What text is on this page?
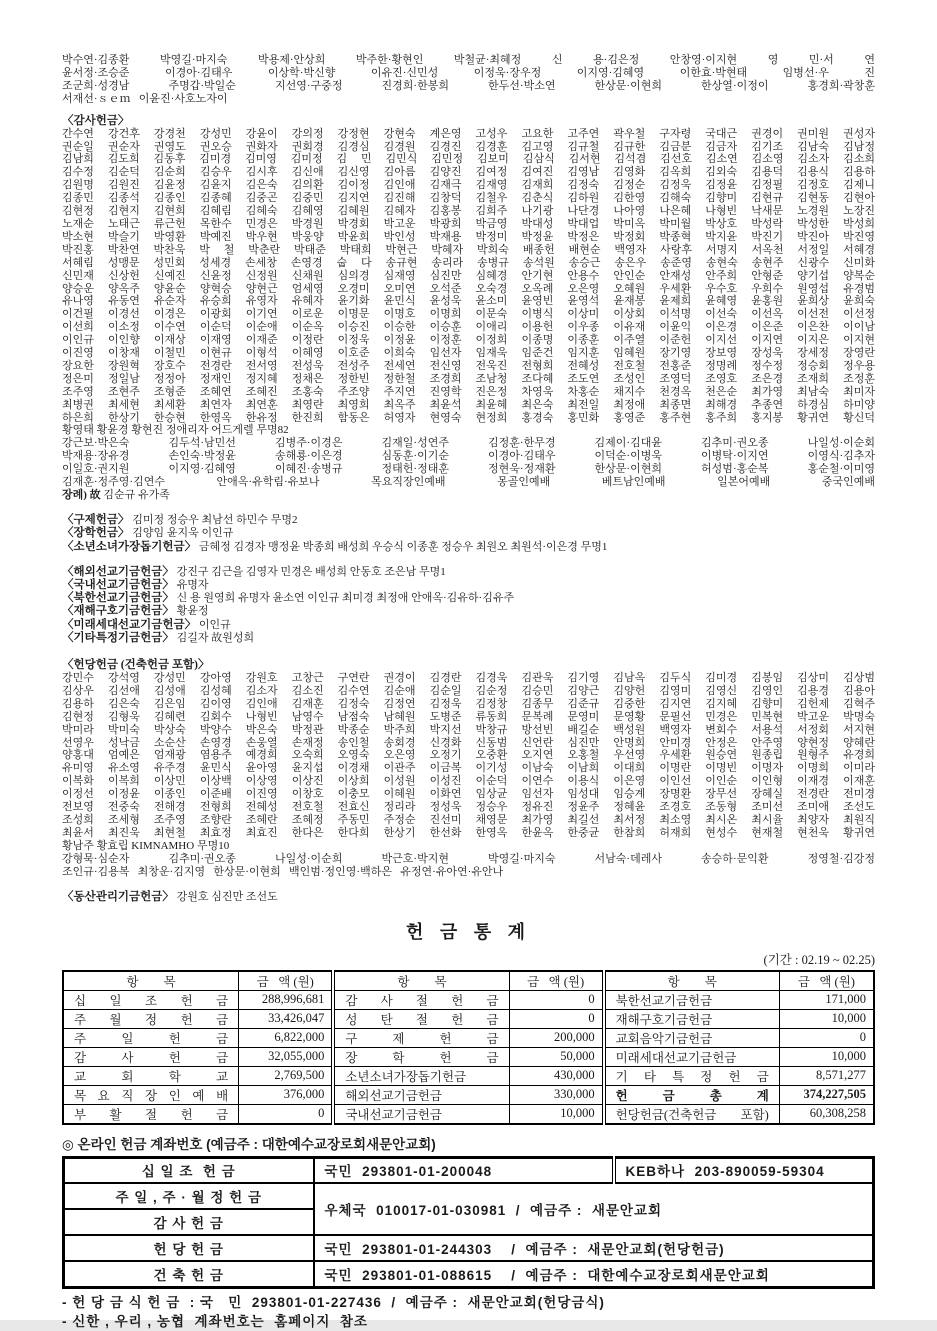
박수연·김종환 박영길·마지숙 박용제·안상희 박주한·황현인 박철균·최혜정 신 용·김은정 안창영·이지현 영 민·서 연
윤서정·조승준 이경아·김태우 이상학·박신향 이유진·신민성 이정욱·장우정 이지영·김혜영 이한효·박현태 임병선·우 진
조군희·성경남 주명갑·박일순 지선영·구중정 진경희·한봉희 한두선·박소연 한상문·이현희 한상열·이정이 홍경희·곽창훈
서재선·ｓｅｍ   이윤진·사호노자이
〈감사헌금〉
간수연 강건후 강경천 강성민 강윤이 강의정 강정현 강현숙 계은영 고성우 고요한 고주연 곽우철 구자령 국대근 권경이 권미원 권성자
권순일 권순자 권영도 권오승 권화자 권회경 김경심 김경원 김경진 김경훈 김고영 김규철 김규한 김금분 김금자 김기조 김남숙 김남정
김남희 김도희 김동후 김미경 김미영 김미정 김 민 김민식 김민정 김보미 김삼식 김서현 김석겸 김선호 김소연 김소영 김소자 김소희
김수정 김순덕 김순희 김승우 김시후 김신애 김신영 김아름 김양진 김여정 김여진 김영남 김영화 김옥희 김외숙 김용덕 김용식 김용하
김원명 김원진 김윤정 김윤지 김은숙 김의환 김이정 김인애 김재극 김재영 김재희 김정숙 김정순 김정욱 김정윤 김정필 김정호 김제니
김종민 김종석 김종인 김종혜 김중곤 김중민 김지연 김진해 김창덕 김철우 김춘식 김하원 김한영 김해숙 김향미 김현규 김현동 김현아
김현정 김현지 김현희 김혜림 김혜숙 김혜영 김혜원 김혜자 김홍봉 김희주 나기광 나단경 나아영 나은혜 나형빈 낙새문 노경원 노장진
노재순 노태근 류근헌 목한수 민경은 박경원 박경회 박고운 박광희 박금영 박대성 박대업 박미옥 박미월 박상호 박성락 박성한 박성희
박소현 박슬기 박영환 박예진 박우현 박웅양 박윤희 박인성 박재용 박정미 박정윤 박정은 박정회 박종혁 박지윤 박진기 박진아 박진영
박진홍 박찬연 박찬욱 박 철 박춘란 박태준 박태희 박현근 박혜자 박희숙 배종헌 배현순 백영자 사랑후 서명지 서옥천 서정일 서혜경
서혜림 성맹문 성민회 성세경 손세창 손영경 숩 다 송규현 송리라 송병규 송석원 송승근 송은우 송준영 송현숙 송현주 신광수 신미화
신민재 신상헌 신예진 신윤정 신정원 신채원 심의경 심재영 심진만 심혜경 안기현 안용수 안인순 안재성 안주희 안형준 양기섭 양복순
양승운 양옥주 양윤순 양혁승 양현근 엄세영 오경미 오미연 오석준 오숙경 오옥례 오은영 오혜원 우세환 우수호 우희수 원영섭 유경범
유나영 유동연 유순자 유승희 유영자 유혜자 윤기화 윤민식 윤성욱 윤소미 윤영빈 윤영석 윤재봉 윤제희 윤혜영 윤홍원 윤희상 윤희숙
이건필 이경선 이경은 이광회 이기연 이로운 이명문 이명호 이명희 이문숙 이병식 이상미 이상회 이석명 이선숙 이선옥 이선전 이선정
이선희 이소정 이수연 이순덕 이순애 이순옥 이승진 이승한 이승훈 이애리 이용헌 이우종 이유재 이윤익 이은경 이은준 이은찬 이이남
이인규 이인향 이재상 이재영 이재준 이정란 이정욱 이정윤 이정훈 이정희 이종명 이종훈 이주열 이준헌 이지선 이지연 이지은 이지현
이진영 이창재 이철민 이현규 이형석 이혜영 이호준 이희숙 임선자 임재욱 임준건 임지훈 임혜원 장기영 장보영 장성욱 장세정 장영란
장요한 장원혁 장호수 전경란 전서영 전성욱 전성주 전세연 전신영 전욱진 전형희 전혜성 전호철 전홍준 정명례 정수정 정승회 정우용
정은미 정일남 정정아 정재인 정지혜 정채은 정한빈 정한철 조경희 조남청 조다혜 조도연 조성인 조영덕 조영호 조은경 조재희 조정훈
조주영 조현주 조형준 조혜연 조혜진 조홍숙 주조양 주지연 진영학 진은정 차영욱 차홍순 채지수 천경옥 천은순 최가영 최남숙 최미자
최병권 최세현 최세환 최연자 최연훈 최영란 최영희 최옥주 최윤석 최윤혜 최은숙 최전일 최정애 최종면 최해경 추종연 하경심 하미양
하은희 한상기 한승현 한영옥 한유정 한진희 함동은 허영자 현영숙 현정희 홍경숙 홍민화 홍영준 홍주현 홍주희 홍지봉 황귀연 황신덕
황영태 황윤경 황현진 정애리자 어드게렐 무명82
강근보·박은숙 김두석·남민선 김병주·이경은 김재일·성연주 김정훈·한무경 김제이·김대윤 김추미·권오종 나일성·이순회
박재용·장유경 손인숙·박정윤 송해룡·이은경 심동훈·이기순 이경아·김태우 이덕순·이병욱 이병탁·이지연 이영식·김추자
이일호·권지원 이지영·김혜영 이혜진·송병규 정태헌·정태훈 정현욱·정재환 한상문·이현희 허성범·홍순복 홍순철·이미영
김재훈·정주영·김연수 안애옥·유학림·유보나 목요직장인예배 몽골인예배 베트남인예배 일본어예배 중국인예배
장례) 故 김순규 유가족
〈구제헌금〉 김미정 정승우 최남선 하민수 무명2
〈장학헌금〉 김양임 윤지욱 이인규
〈소년소녀가장돕기헌금〉 금혜정 김경자 맹정윤 박종희 배성희 우승식 이종훈 정승우 최원오 최원석·이은경 무명1
〈해외선교기금헌금〉 강진구 김근을 김영자 민경은 배성희 안동호 조은남 무명1
〈국내선교기금헌금〉 유명자
〈북한선교기금헌금〉 신 용 원영희 유명자 윤소연 이인규 최미경 최정애 안애옥·김유하·김유주
〈재해구호기금헌금〉 황윤정
〈미래세대선교기금헌금〉 이인규
〈기타특정기금헌금〉 김길자 故원성희
〈헌당헌금 (건축헌금 포함)〉
강민수 강석영 강성민 강아영 강원호 고창근 구연란 권경이 김경란 김경욱 김관욱 김기영 김남옥 김두식 김미경 김봉임 김상미 김상범
김상우 김선애 김성애 김성혜 김소자 김소진 김수연 김순애 김순일 김순정 김승민 김양근 김양헌 김영미 김영신 김영인 김용경 김용아
김용하 김은숙 김은임 김이영 김인애 김재훈 김정숙 김정연 김정욱 김정창 김종무 김준규 김중한 김지연 김지혜 김향미 김헌제 김혁주
김현정 김형욱 김혜련 김회수 나형빈 남영수 남점숙 남혜원 도병준 류동희 문복례 문영미 문영황 문필선 민경은 민복현 박고운 박명숙
박미라 박미숙 박상숙 박양수 박은숙 박정관 박종순 박주희 박지선 박창규 방선빈 배길순 백성원 백영자 변회수 서용석 서정회 서지현
선영우 성낙금 소순산 손영경 손웅열 손재정 송인철 송회경 신경화 신동범 신언란 심진만 안명희 안미경 안정은 안주영 양현정 양혜란
양홍대 엄예은 엄재광 염용주 예경희 오숙희 오영숙 오은영 오정기 오중환 오지연 오홍철 우선영 우세환 원승연 원종립 원형주 유경희
유미영 유소영 유주경 윤민식 윤아영 윤지섭 이경채 이관주 이금복 이기성 이남숙 이남희 이대희 이명란 이명빈 이명자 이명희 이미라
이복화 이복희 이상민 이상백 이상영 이상진 이상희 이성원 이성진 이순덕 이연수 이용식 이은영 이인선 이인순 이인형 이재경 이재훈
이정선 이정윤 이종인 이준배 이진영 이창호 이충모 이혜원 이화연 임상균 임선자 임성대 임승계 장명환 장무선 장혜실 전경란 전미경
전보영 전중숙 전해경 전형희 전혜성 전호철 전효신 정리라 정성욱 정승우 정유진 정윤주 정혜윤 조경호 조동형 조미선 조미애 조선도
조성희 조세형 조주영 조향란 조혜란 조혜정 주동민 주정순 진선미 채영문 최가영 최길선 최서정 최소영 최시온 최시율 최양자 최원직
최윤서 최진욱 최현철 최효정 최효진 한다은 한다희 한상기 한선화 한영옥 한윤옥 한중균 한참희 허재희 현성수 현재철 현천욱 황귀연
황남주 황효립 KIMNAMHO 무명10
강형묵·심순자 김추미·권오종 나일성·이순희 박근호·박지현 박영길·마지숙 서남숙·데레사 송승하·문익환 정영철·김강정
조인규·김용복   최창운·김지영   한상문·이현희   백인범·정인영·백하은   유정연·유아연·유안나
〈동산관리기금헌금〉 강원호 심진만 조선도
헌 금 통 계
(기간 : 02.19 ~ 02.25)
항        목	금   액 (원)	항        목	금   액 (원)	항        목	금   액 (원)
십 일 조 헌 금	288,996,681	감 사 절 헌 금	0	북한선교기금헌금	171,000
주 월 정 헌 금	33,426,047	성 탄 절 헌 금	0	재해구호기금헌금	10,000
주 일 헌 금	6,822,000	구 제 헌 금	200,000	교회음악기금헌금	0
감 사 헌 금	32,055,000	장 학 헌 금	50,000	미래세대선교기금헌금	10,000
교 회 학 교	2,769,500	소년소녀가장돕기헌금	430,000	기 타 특 정 헌 금	8,571,277
목 요 직 장 인 예 배	376,000	해외선교기금헌금	330,000	헌 금 총 계	374,227,505
부 활 절 헌 금	0	국내선교기금헌금	10,000	헌당헌금(건축헌금 포함)	60,308,258
◎ 온라인 헌금 계좌번호 (예금주 : 대한예수교장로회새문안교회)
십 일 조  헌 금	국민  293801-01-200048	KEB하나  203-890059-59304
주 일 , 주 · 월 정 헌 금	우체국  010017-01-030981  /  예금주 :  새문안교회	
감 사 헌 금		
헌 당 헌 금	국민  293801-01-244303    /  예금주 :  새문안교회(헌당헌금)	
건 축 헌 금	국민  293801-01-088615    /  예금주 :  대한예수교장로회새문안교회	
- 헌 당 금 식 헌 금  : 국   민  293801-01-227436  /  예금주 :  새문안교회(헌당금식)
- 신한 , 우리 , 농협  계좌번호는  홈페이지  참조
